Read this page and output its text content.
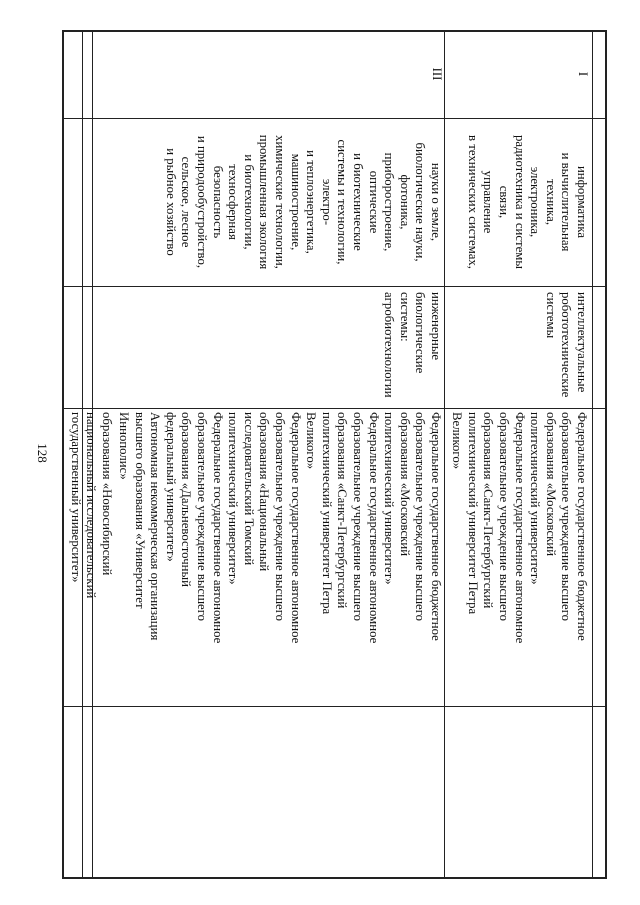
128	образования «Новосибирский
национальный исследовательский
государственный университет»
Федеральное государственное бюджетное
образовательное учреждение высшего
образования «Московский
политехнический университет»
Федеральное государственное автономное
образовательное учреждение высшего
образования «Санкт-Петербургский
политехнический университет Петра
Великого»
Федеральное государственное автономное
образовательное учреждение высшего
образования «Национальный
исследовательский Томский
политехнический университет»
Федеральное государственное автономное
образовательное учреждение высшего
образования «Дальневосточный
федеральный университет»
Автономная некоммерческая организация
высшего образования «Университет
Иннополис»
инженерные
биологические
системы:
агробиотехнологии
науки о земле,
биологические науки,
фотоника,
приборостроение,
оптические
и биотехнические
системы и технологии,
электро-
и теплоэнергетика,
машиностроение,
химические технологии,
промышленная экология
и биотехнологии,
техносферная
безопасность
и природообустройство,
сельское, лесное
и рыбное хозяйство
III
Федеральное государственное бюджетное
образовательное учреждение высшего
образования «Московский
политехнический университет»
Федеральное государственное автономное
образовательное учреждение высшего
образования «Санкт-Петербургский
политехнический университет Петра
Великого»
интеллектуальные
робототехнические
системы
информатика
и вычислительная
техника,
электроника,
радиотехника и системы
связи,
управление
в технических системах,
I
